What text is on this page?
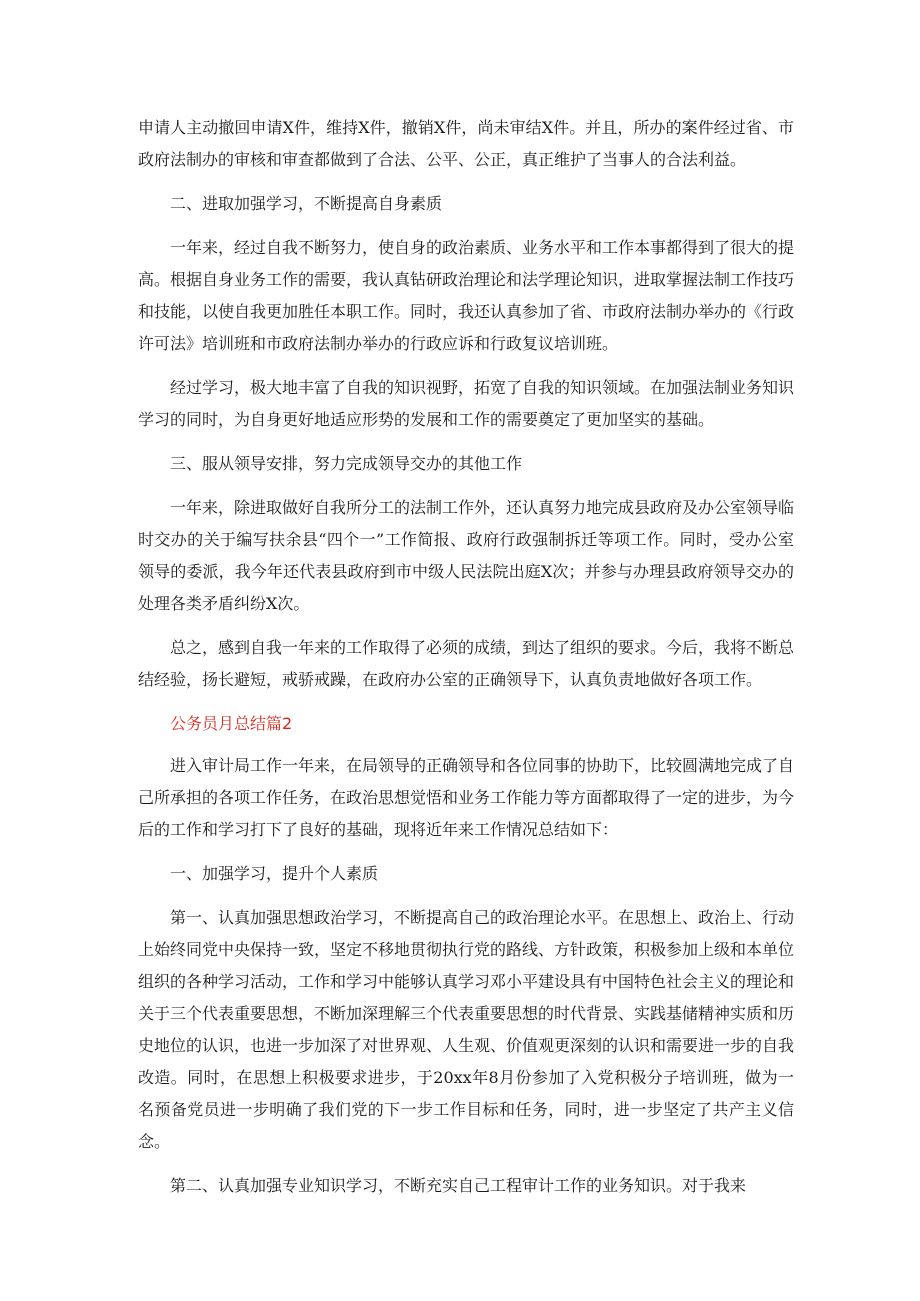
申请人主动撤回申请X件，维持X件，撤销X件，尚未审结X件。并且，所办的案件经过省、市政府法制办的审核和审查都做到了合法、公平、公正，真正维护了当事人的合法利益。

二、进取加强学习，不断提高自身素质

一年来，经过自我不断努力，使自身的政治素质、业务水平和工作本事都得到了很大的提高。根据自身业务工作的需要，我认真钻研政治理论和法学理论知识，进取掌握法制工作技巧和技能，以使自我更加胜任本职工作。同时，我还认真参加了省、市政府法制办举办的《行政许可法》培训班和市政府法制办举办的行政应诉和行政复议培训班。

经过学习，极大地丰富了自我的知识视野，拓宽了自我的知识领域。在加强法制业务知识学习的同时，为自身更好地适应形势的发展和工作的需要奠定了更加坚实的基础。

三、服从领导安排，努力完成领导交办的其他工作

一年来，除进取做好自我所分工的法制工作外，还认真努力地完成县政府及办公室领导临时交办的关于编写扶余县“四个一”工作简报、政府行政强制拆迁等项工作。同时，受办公室领导的委派，我今年还代表县政府到市中级人民法院出庭X次；并参与办理县政府领导交办的处理各类矛盾纠纷X次。

总之，感到自我一年来的工作取得了必须的成绩，到达了组织的要求。今后，我将不断总结经验，扬长避短，戒骄戒躁，在政府办公室的正确领导下，认真负责地做好各项工作。

公务员月总结篇2

进入审计局工作一年来，在局领导的正确领导和各位同事的协助下，比较圆满地完成了自己所承担的各项工作任务，在政治思想觉悟和业务工作能力等方面都取得了一定的进步，为今后的工作和学习打下了良好的基础，现将近年来工作情况总结如下：

一、加强学习，提升个人素质

第一、认真加强思想政治学习，不断提高自己的政治理论水平。在思想上、政治上、行动上始终同党中央保持一致，坚定不移地贯彻执行党的路线、方针政策，积极参加上级和本单位组织的各种学习活动，工作和学习中能够认真学习邓小平建设具有中国特色社会主义的理论和关于三个代表重要思想，不断加深理解三个代表重要思想的时代背景、实践基储精神实质和历史地位的认识，也进一步加深了对世界观、人生观、价值观更深刻的认识和需要进一步的自我改造。同时，在思想上积极要求进步，于20xx年8月份参加了入党积极分子培训班，做为一名预备党员进一步明确了我们党的下一步工作目标和任务，同时，进一步坚定了共产主义信念。

第二、认真加强专业知识学习，不断充实自己工程审计工作的业务知识。对于我来
